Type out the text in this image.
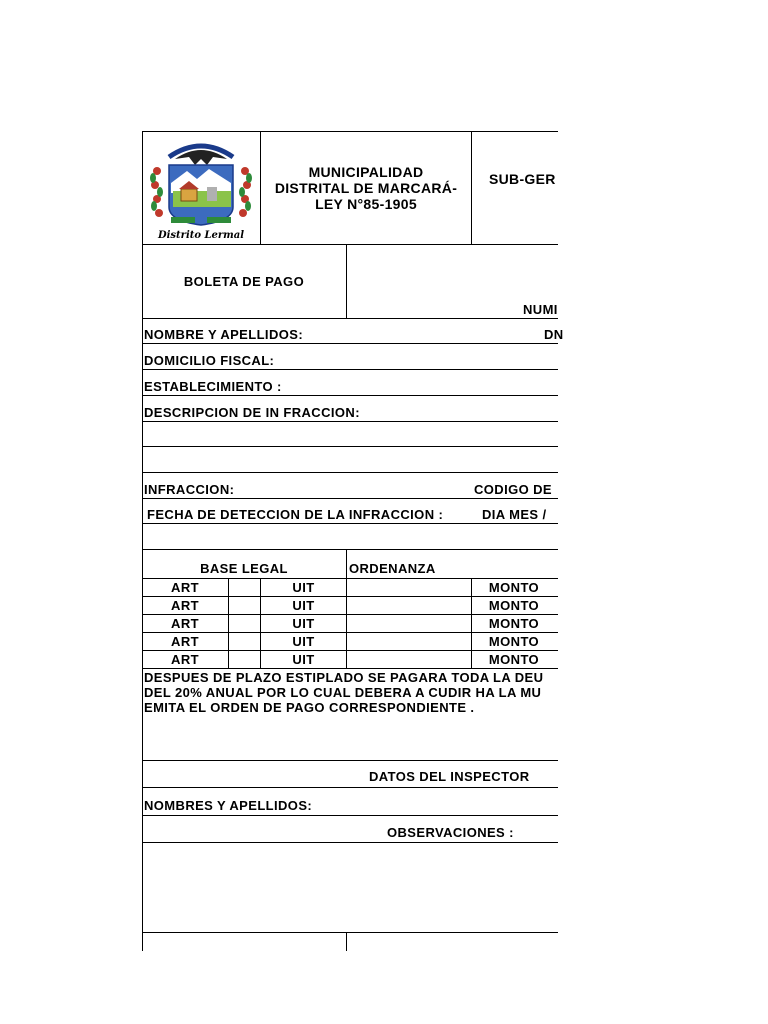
Distrito Lermal
MUNICIPALIDAD
DISTRITAL DE MARCARÁ-
LEY N°85-1905
SUB-GER
BOLETA DE PAGO
NUMI
NOMBRE Y APELLIDOS:	DN
DOMICILIO FISCAL:
ESTABLECIMIENTO :
DESCRIPCION DE IN FRACCION:
INFRACCION:	CODIGO DE
FECHA DE DETECCION DE LA INFRACCION :	DIA MES /
BASE LEGAL	ORDENANZA
ART	UIT	MONTO
ART	UIT	MONTO
ART	UIT	MONTO
ART	UIT	MONTO
ART	UIT	MONTO
DESPUES DE PLAZO ESTIPLADO SE PAGARA TODA LA DEU
DEL 20% ANUAL POR LO CUAL DEBERA A CUDIR HA LA MU
EMITA EL ORDEN DE PAGO CORRESPONDIENTE .
DATOS DEL INSPECTOR
NOMBRES Y APELLIDOS:
OBSERVACIONES :
